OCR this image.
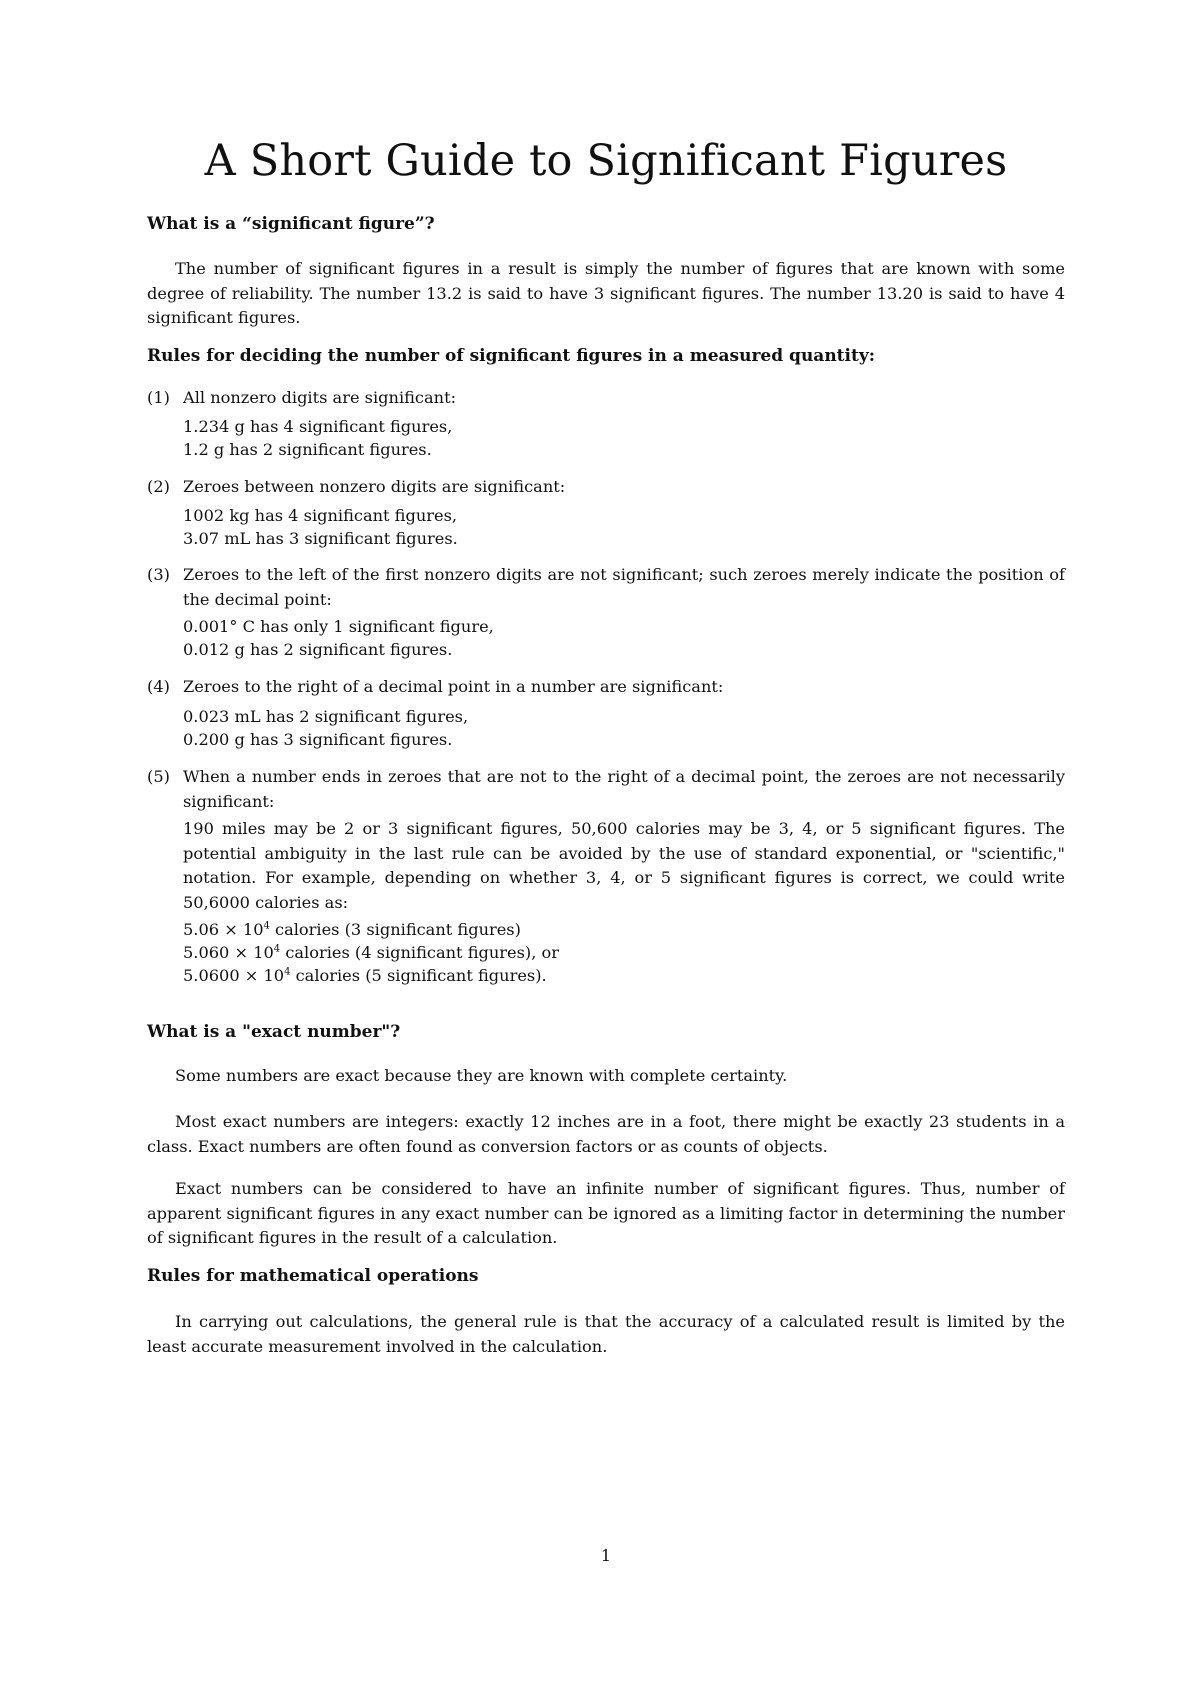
A Short Guide to Significant Figures
What is a “significant figure”?

The number of significant figures in a result is simply the number of figures that are known with some degree of reliability. The number 13.2 is said to have 3 significant figures. The number 13.20 is said to have 4 significant figures.

Rules for deciding the number of significant figures in a measured quantity:
(1) All nonzero digits are significant:

1.234 g has 4 significant figures,
1.2 g has 2 significant figures.
(2) Zeroes between nonzero digits are significant:

1002 kg has 4 significant figures,
3.07 mL has 3 significant figures.
(3) Zeroes to the left of the first nonzero digits are not significant; such zeroes merely indicate the position of the decimal point:

0.001° C has only 1 significant figure,
0.012 g has 2 significant figures.
(4) Zeroes to the right of a decimal point in a number are significant:

0.023 mL has 2 significant figures,
0.200 g has 3 significant figures.
(5) When a number ends in zeroes that are not to the right of a decimal point, the zeroes are not necessarily significant:

190 miles may be 2 or 3 significant figures, 50,600 calories may be 3, 4, or 5 significant figures. The potential ambiguity in the last rule can be avoided by the use of standard exponential, or "scientific," notation. For example, depending on whether 3, 4, or 5 significant figures is correct, we could write 50,6000 calories as:

$5.06 \times 10^4$ calories (3 significant figures)
$5.060 \times 10^4$ calories (4 significant figures), or
$5.0600 \times 10^4$ calories (5 significant figures).
What is a "exact number"?

Some numbers are exact because they are known with complete certainty.

Most exact numbers are integers: exactly 12 inches are in a foot, there might be exactly 23 students in a class. Exact numbers are often found as conversion factors or as counts of objects.

Exact numbers can be considered to have an infinite number of significant figures. Thus, number of apparent significant figures in any exact number can be ignored as a limiting factor in determining the number of significant figures in the result of a calculation.

Rules for mathematical operations

In carrying out calculations, the general rule is that the accuracy of a calculated result is limited by the least accurate measurement involved in the calculation.

1
